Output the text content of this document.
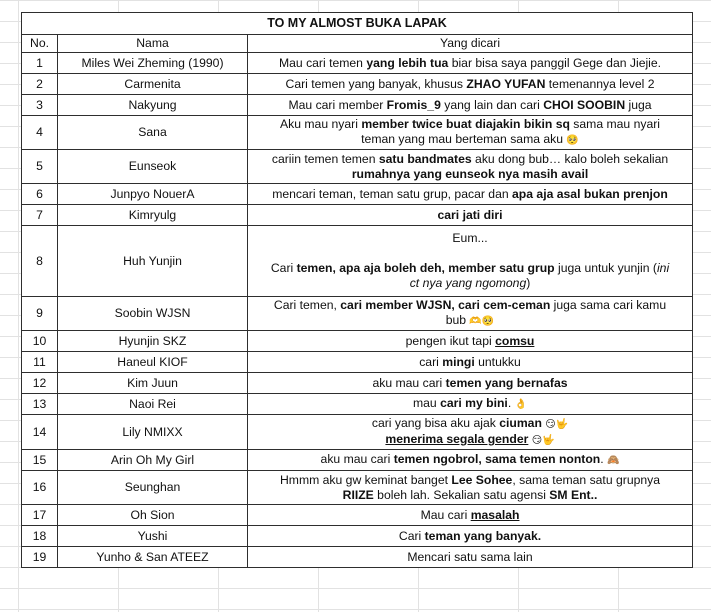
TO MY ALMOST BUKA LAPAK		
No.	Nama	Yang dicari
1	Miles Wei Zheming (1990)	Mau cari temen yang lebih tua biar bisa saya panggil Gege dan Jiejie.

2	Carmenita	Cari temen yang banyak, khusus ZHAO YUFAN temenannya level 2

3	Nakyung	Mau cari member Fromis_9 yang lain dan cari CHOI SOOBIN juga

4	Sana	Aku mau nyari member twice buat diajakin bikin sq sama mau nyari
teman yang mau berteman sama aku 🥺

5	Eunseok	cariin temen temen satu bandmates aku dong bub… kalo boleh sekalian
rumahnya yang eunseok nya masih avail

6	Junpyo NouerA	mencari teman, teman satu grup, pacar dan apa aja asal bukan prenjon

7	Kimryulg	cari jati diri

8	Huh Yunjin	Eum...

Cari temen, apa aja boleh deh, member satu grup juga untuk yunjin (ini
ct nya yang ngomong)

9	Soobin WJSN	Cari temen, cari member WJSN, cari cem-ceman juga sama cari kamu
bub 🫶🥺

10	Hyunjin SKZ	pengen ikut tapi comsu

11	Haneul KIOF	cari mingi untukku

12	Kim Juun	aku mau cari temen yang bernafas

13	Naoi Rei	mau cari my bini. 👌

14	Lily NMIXX	cari yang bisa aku ajak ciuman 😏🤟
menerima segala gender 😏🤟

15	Arin Oh My Girl	aku mau cari temen ngobrol, sama temen nonton. 🙈

16	Seunghan	Hmmm aku gw keminat banget Lee Sohee, sama teman satu grupnya
RIIZE boleh lah. Sekalian satu agensi SM Ent..

17	Oh Sion	Mau cari masalah

18	Yushi	Cari teman yang banyak.

19	Yunho & San ATEEZ	Mencari satu sama lain
